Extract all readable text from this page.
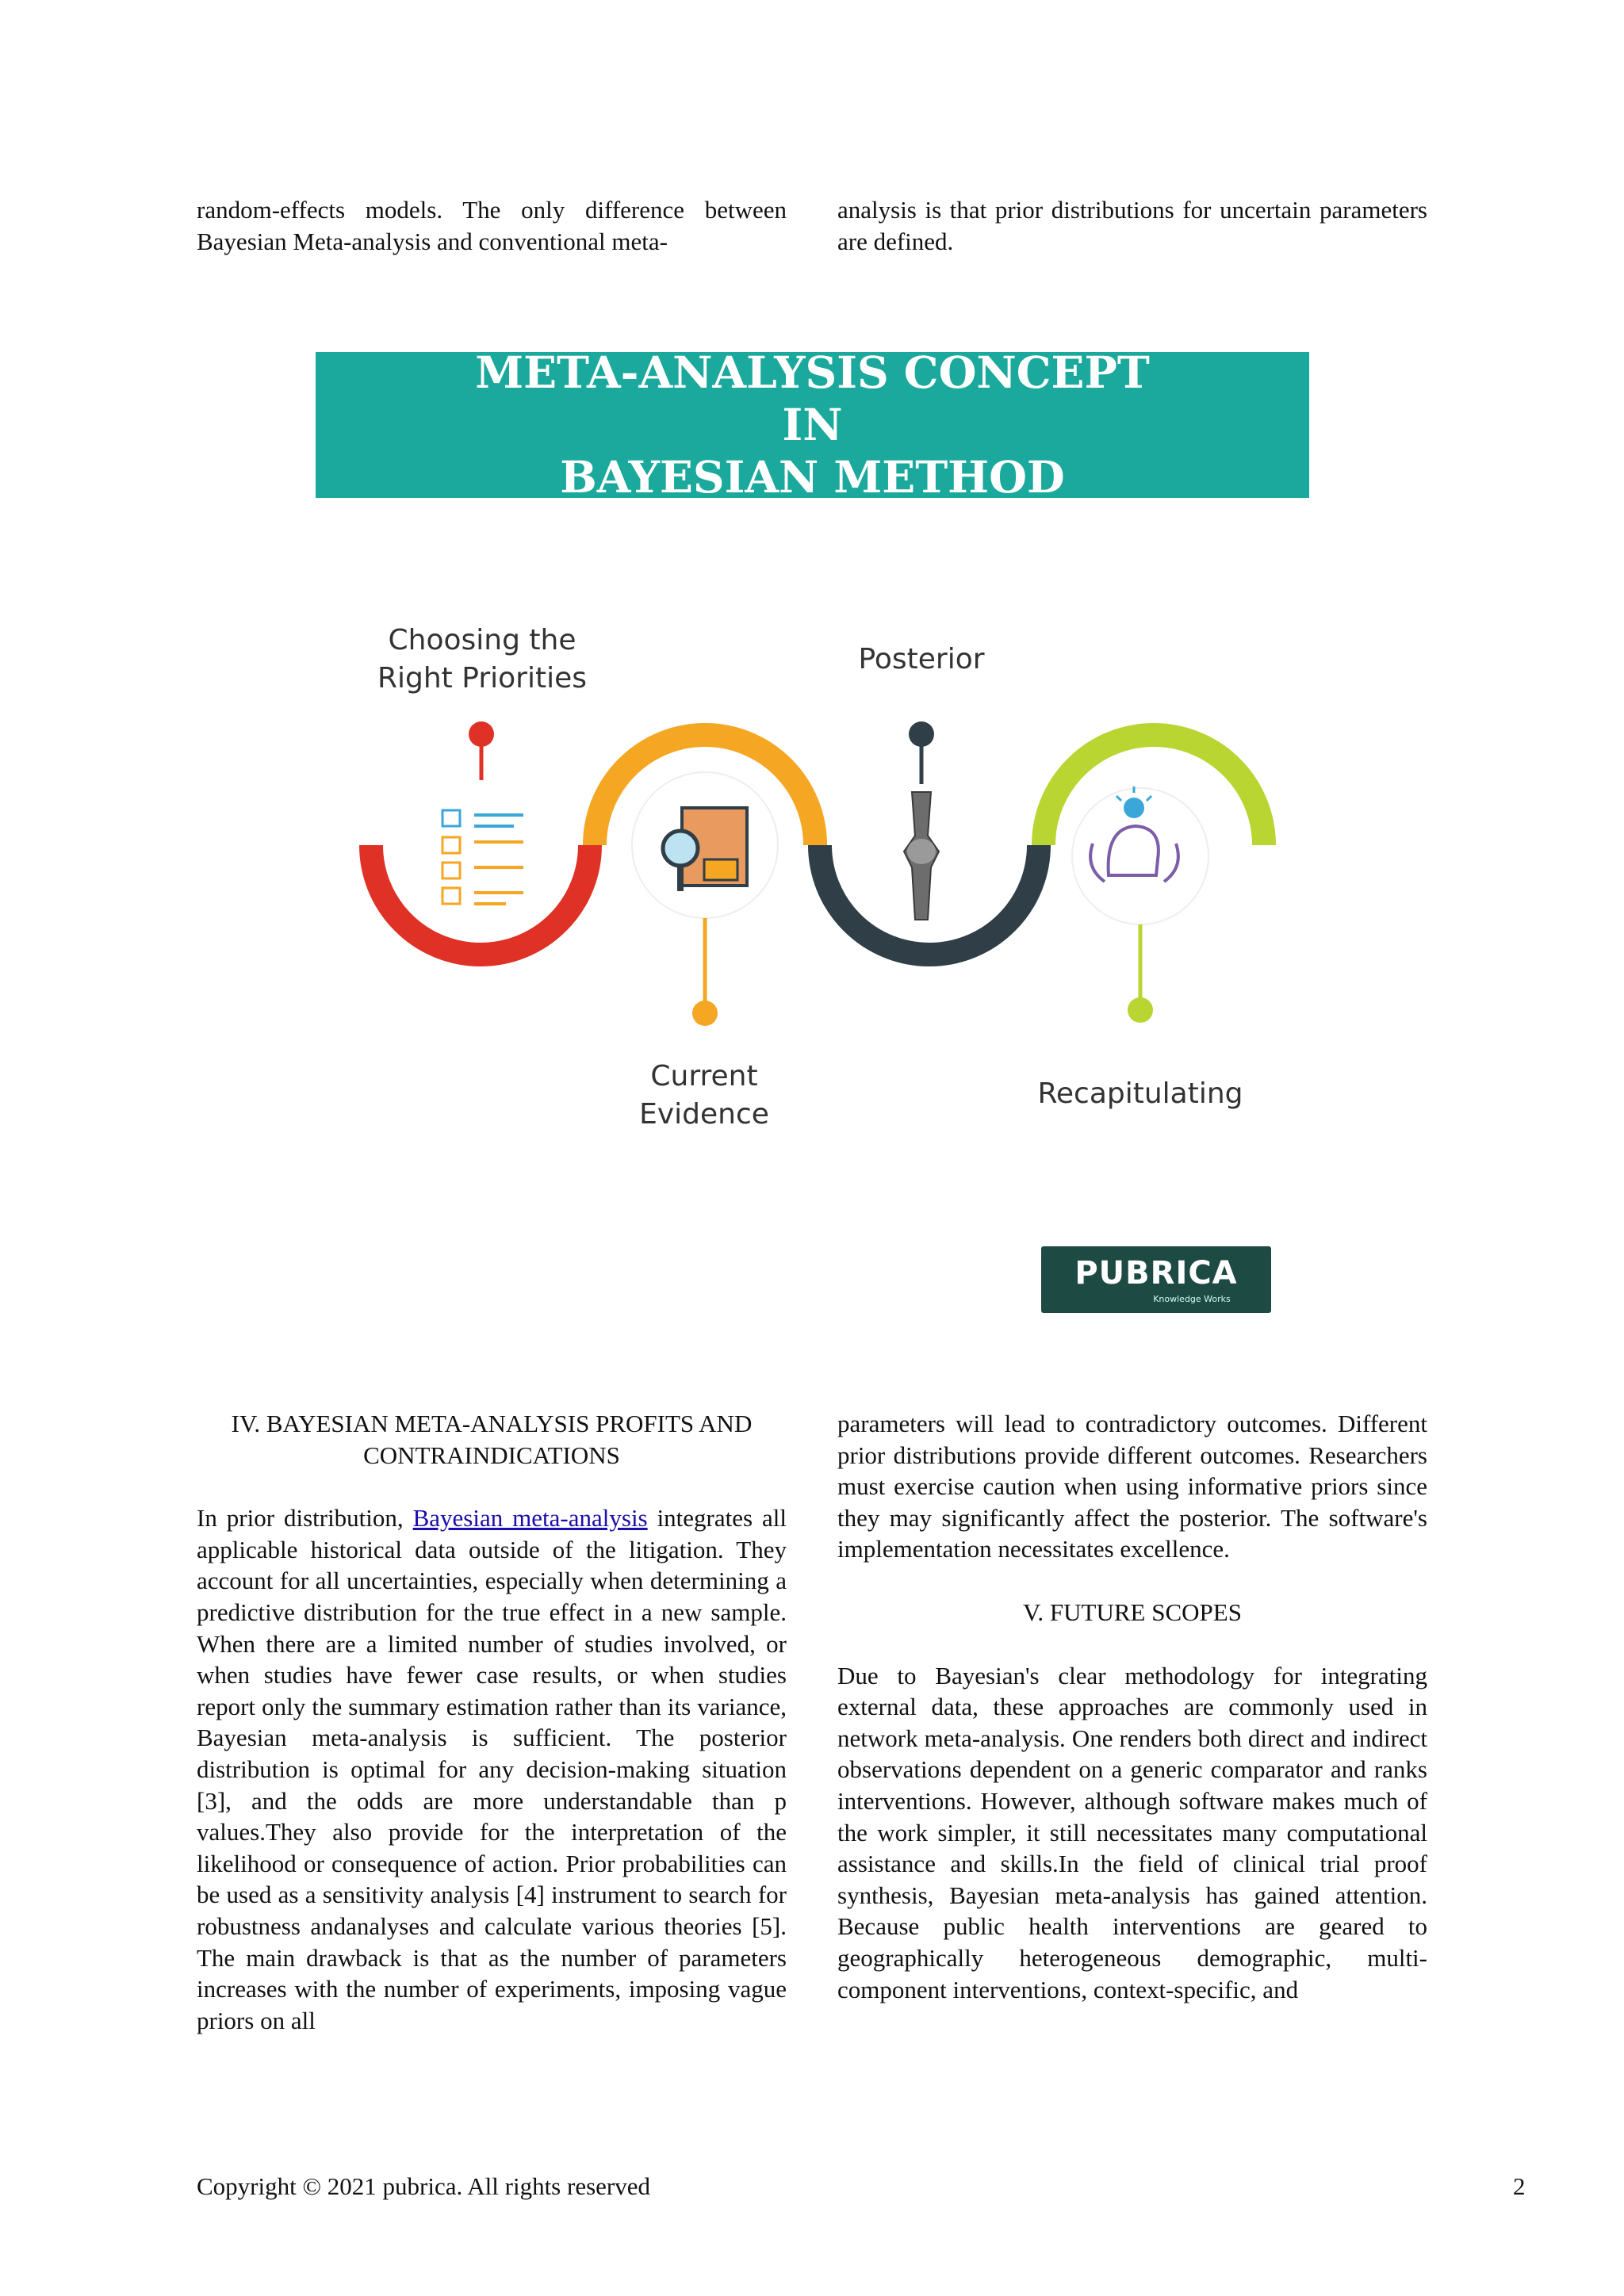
random-effects models. The only difference between Bayesian Meta-analysis and conventional meta-

analysis is that prior distributions for uncertain parameters are defined.

META-ANALYSIS CONCEPT IN
BAYESIAN METHOD
Choosing the
Right Priorities
Current
Evidence
Posterior
Recapitulating
PUBRICA
Knowledge Works

IV. BAYESIAN META-ANALYSIS PROFITS AND CONTRAINDICATIONS

In prior distribution, Bayesian meta-analysis integrates all applicable historical data outside of the litigation. They account for all uncertainties, especially when determining a predictive distribution for the true effect in a new sample. When there are a limited number of studies involved, or when studies have fewer case results, or when studies report only the summary estimation rather than its variance, Bayesian meta-analysis is sufficient. The posterior distribution is optimal for any decision-making situation [3], and the odds are more understandable than p values.They also provide for the interpretation of the likelihood or consequence of action. Prior probabilities can be used as a sensitivity analysis [4] instrument to search for robustness andanalyses and calculate various theories [5]. The main drawback is that as the number of parameters increases with the number of experiments, imposing vague priors on all

parameters will lead to contradictory outcomes. Different prior distributions provide different outcomes. Researchers must exercise caution when using informative priors since they may significantly affect the posterior. The software's implementation necessitates excellence.

V. FUTURE SCOPES

Due to Bayesian's clear methodology for integrating external data, these approaches are commonly used in network meta-analysis. One renders both direct and indirect observations dependent on a generic comparator and ranks interventions. However, although software makes much of the work simpler, it still necessitates many computational assistance and skills.In the field of clinical trial proof synthesis, Bayesian meta-analysis has gained attention. Because public health interventions are geared to geographically heterogeneous demographic, multi-component interventions, context-specific, and

Copyright © 2021 pubrica. All rights reserved	2
